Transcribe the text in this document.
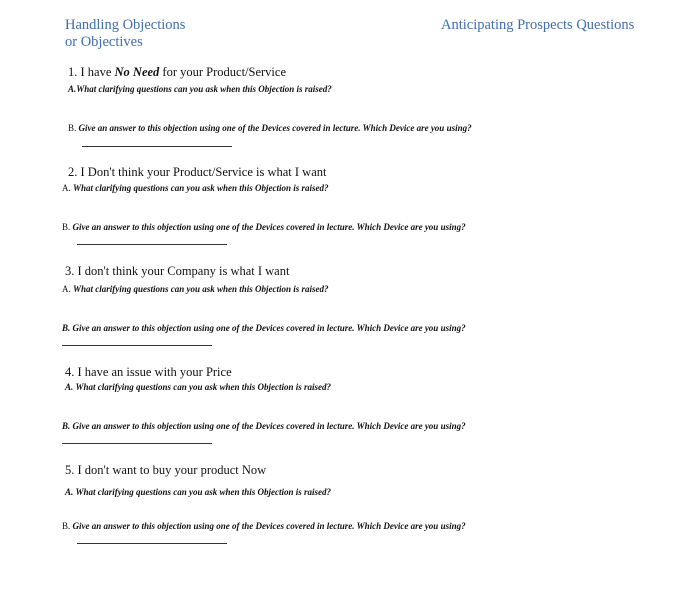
Handling Objections
or Objectives
Anticipating Prospects Questions
1. I have No Need for your Product/Service
A.What clarifying questions can you ask when this Objection is raised?
B. Give an answer to this objection using one of the Devices covered in lecture. Which Device are you using?
2. I Don't think your Product/Service is what I want
A. What clarifying questions can you ask when this Objection is raised?
B. Give an answer to this objection using one of the Devices covered in lecture. Which Device are you using?
3. I don't think your Company is what I want
A. What clarifying questions can you ask when this Objection is raised?
B. Give an answer to this objection using one of the Devices covered in lecture. Which Device are you using?
4. I have an issue with your Price
A. What clarifying questions can you ask when this Objection is raised?
B. Give an answer to this objection using one of the Devices covered in lecture. Which Device are you using?
5. I don't want to buy your product Now
A. What clarifying questions can you ask when this Objection is raised?
B. Give an answer to this objection using one of the Devices covered in lecture. Which Device are you using?
